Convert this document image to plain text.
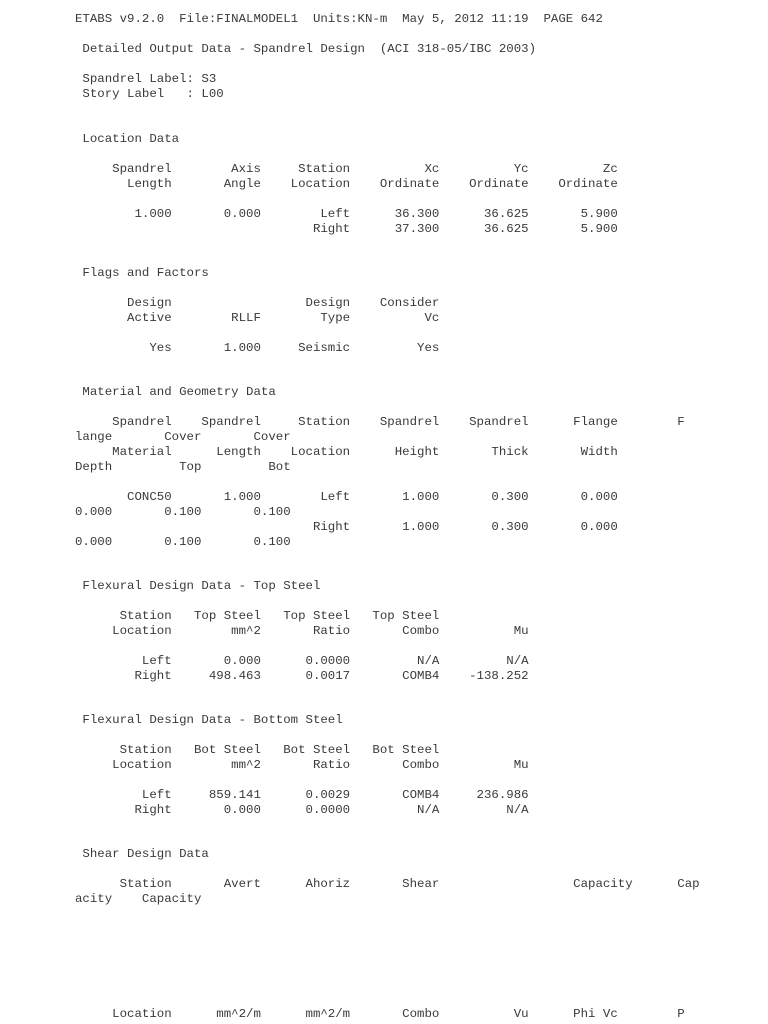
ETABS v9.2.0  File:FINALMODEL1  Units:KN-m  May 5, 2012 11:19  PAGE 642

Detailed Output Data - Spandrel Design  (ACI 318-05/IBC 2003)

Spandrel Label: S3

Story Label   : L00

Location Data

Spandrel        Axis     Station          Xc          Yc          Zc

Length       Angle    Location    Ordinate    Ordinate    Ordinate

1.000       0.000        Left      36.300      36.625       5.900

Right      37.300      36.625       5.900

Flags and Factors

Design                  Design    Consider

Active        RLLF        Type          Vc

Yes       1.000     Seismic         Yes

Material and Geometry Data

Spandrel    Spandrel     Station    Spandrel    Spandrel      Flange        F

lange       Cover       Cover

Material      Length    Location      Height       Thick       Width

Depth         Top         Bot

CONC50       1.000        Left       1.000       0.300       0.000

0.000       0.100       0.100

Right       1.000       0.300       0.000

0.000       0.100       0.100

Flexural Design Data - Top Steel

Station   Top Steel   Top Steel   Top Steel

Location        mm^2       Ratio       Combo          Mu

Left       0.000      0.0000         N/A         N/A

Right     498.463      0.0017       COMB4    -138.252

Flexural Design Data - Bottom Steel

Station   Bot Steel   Bot Steel   Bot Steel

Location        mm^2       Ratio       Combo          Mu

Left     859.141      0.0029       COMB4     236.986

Right       0.000      0.0000         N/A         N/A

Shear Design Data

Station       Avert      Ahoriz       Shear                  Capacity      Cap

acity    Capacity

Location      mm^2/m      mm^2/m       Combo          Vu      Phi Vc        P
